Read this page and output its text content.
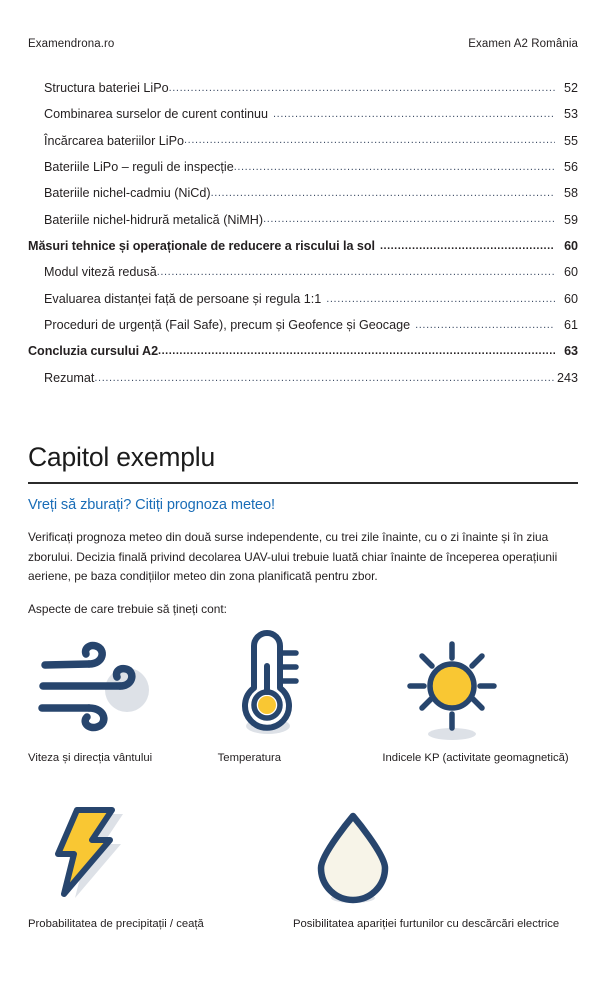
Examendrona.ro	Examen A2 România
Structura bateriei LiPo .....	52
Combinarea surselor de curent continuu .....	53
Încărcarea bateriilor LiPo .....	55
Bateriile LiPo – reguli de inspecție .....	56
Bateriile nichel-cadmiu (NiCd) .....	58
Bateriile nichel-hidrură metalică (NiMH) .....	59
Măsuri tehnice și operaționale de reducere a riscului la sol .....	60
Modul viteză redusă .....	60
Evaluarea distanței față de persoane și regula 1:1 .....	60
Proceduri de urgență (Fail Safe), precum și Geofence și Geocage .....	61
Concluzia cursului A2 .....	63
Rezumat .....	243
Capitol exemplu
Vreți să zburați? Citiți prognoza meteo!

Verificați prognoza meteo din două surse independente, cu trei zile înainte, cu o zi înainte și în ziua zborului. Decizia finală privind decolarea UAV-ului trebuie luată chiar înainte de începerea operațiunii aeriene, pe baza condițiilor meteo din zona planificată pentru zbor.

Aspecte de care trebuie să țineți cont:

Viteza și direcția vântului	Temperatura	Indicele KP (activitate geomagnetică)
Probabilitatea de precipitații / ceață	Posibilitatea apariției furtunilor cu descărcări electrice
